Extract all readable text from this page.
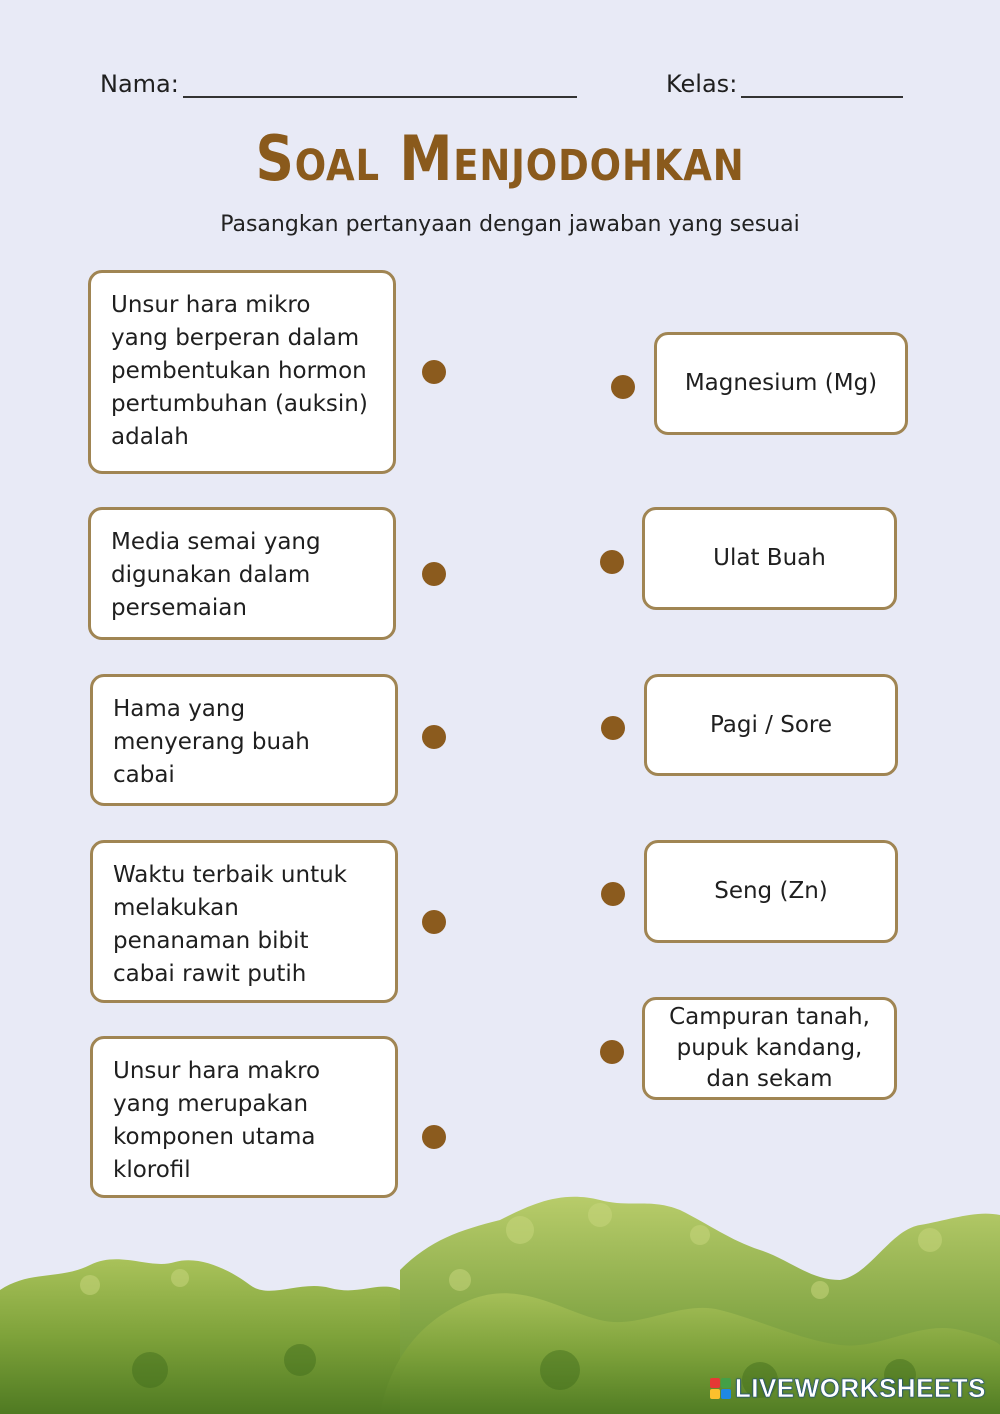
Nama:	Kelas:
Soal Menjodohkan
Pasangkan pertanyaan dengan jawaban yang sesuai
Unsur hara mikro yang berperan dalam pembentukan hormon pertumbuhan (auksin) adalah
Media semai yang digunakan dalam persemaian
Hama yang menyerang buah cabai
Waktu terbaik untuk melakukan penanaman bibit cabai rawit putih
Unsur hara makro yang merupakan komponen utama klorofil
Magnesium (Mg)
Ulat Buah
Pagi / Sore
Seng (Zn)
Campuran tanah, pupuk kandang, dan sekam
LIVEWORKSHEETS
